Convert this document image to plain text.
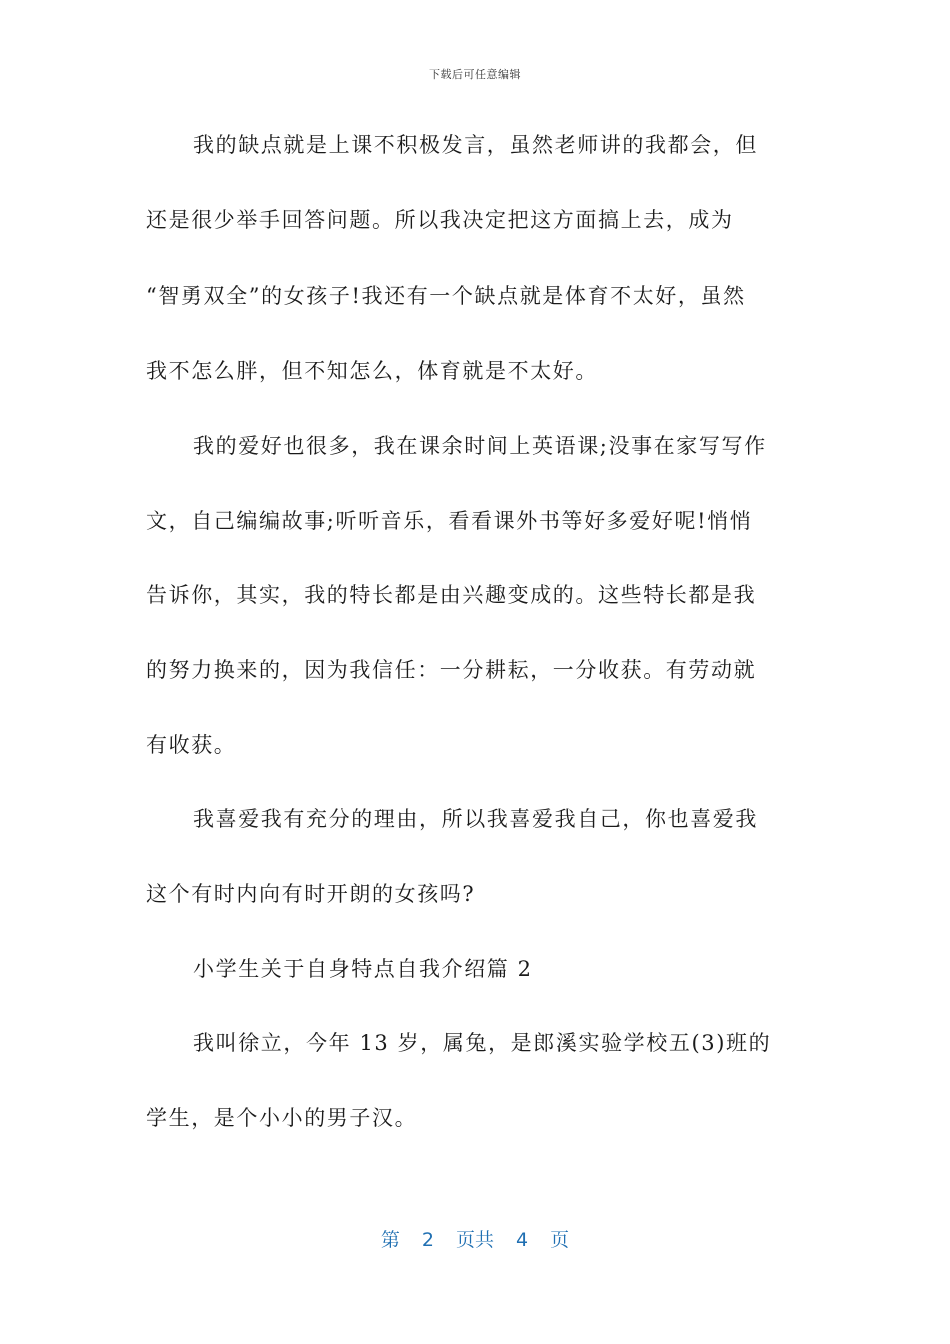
下载后可任意编辑
我的缺点就是上课不积极发言，虽然老师讲的我都会，但
还是很少举手回答问题。所以我决定把这方面搞上去，成为
“智勇双全”的女孩子!我还有一个缺点就是体育不太好，虽然
我不怎么胖，但不知怎么，体育就是不太好。
我的爱好也很多，我在课余时间上英语课;没事在家写写作
文，自己编编故事;听听音乐，看看课外书等好多爱好呢!悄悄
告诉你，其实，我的特长都是由兴趣变成的。这些特长都是我
的努力换来的，因为我信任：一分耕耘，一分收获。有劳动就
有收获。
我喜爱我有充分的理由，所以我喜爱我自己，你也喜爱我
这个有时内向有时开朗的女孩吗?
小学生关于自身特点自我介绍篇 2
我叫徐立，今年 13 岁，属兔，是郎溪实验学校五(3)班的
学生，是个小小的男子汉。
第 2 页共 4 页
